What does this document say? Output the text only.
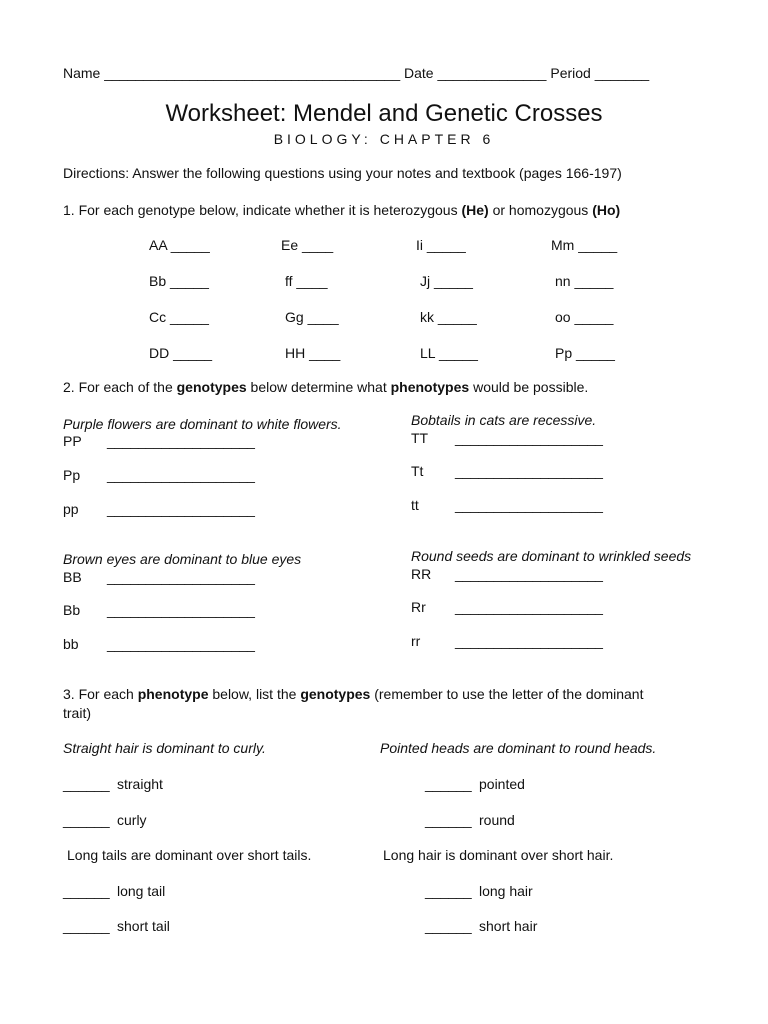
Name ______________________________________ Date ______________ Period _______
Worksheet: Mendel and Genetic Crosses
BIOLOGY: CHAPTER 6
Directions: Answer the following questions using your notes and textbook (pages 166-197)
1. For each genotype below, indicate whether it is heterozygous (He) or homozygous (Ho)
AA _____	Ee ____	Ii _____	Mm _____
Bb _____	ff ____	Jj _____	nn _____
Cc _____	Gg ____	kk _____	oo _____
DD _____	HH ____	LL _____	Pp _____
2. For each of the genotypes below determine what phenotypes would be possible.
Purple flowers are dominant to white flowers.
PP ___________________
Pp ___________________
pp ___________________
Bobtails in cats are recessive.
TT ___________________
Tt ___________________
tt	___________________
Brown eyes are dominant to blue eyes
BB ___________________
Bb ___________________
bb ___________________
Round seeds are dominant to wrinkled seeds
RR ___________________
Rr ___________________
rr ___________________
3. For each phenotype below, list the genotypes (remember to use the letter of the dominant
trait)
Straight hair is dominant to curly.
______ straight
______ curly
Pointed heads are dominant to round heads.
______ pointed
______ round
Long tails are dominant over short tails.
______ long tail
______ short tail
Long hair is dominant over short hair.
______ long hair
______ short hair
